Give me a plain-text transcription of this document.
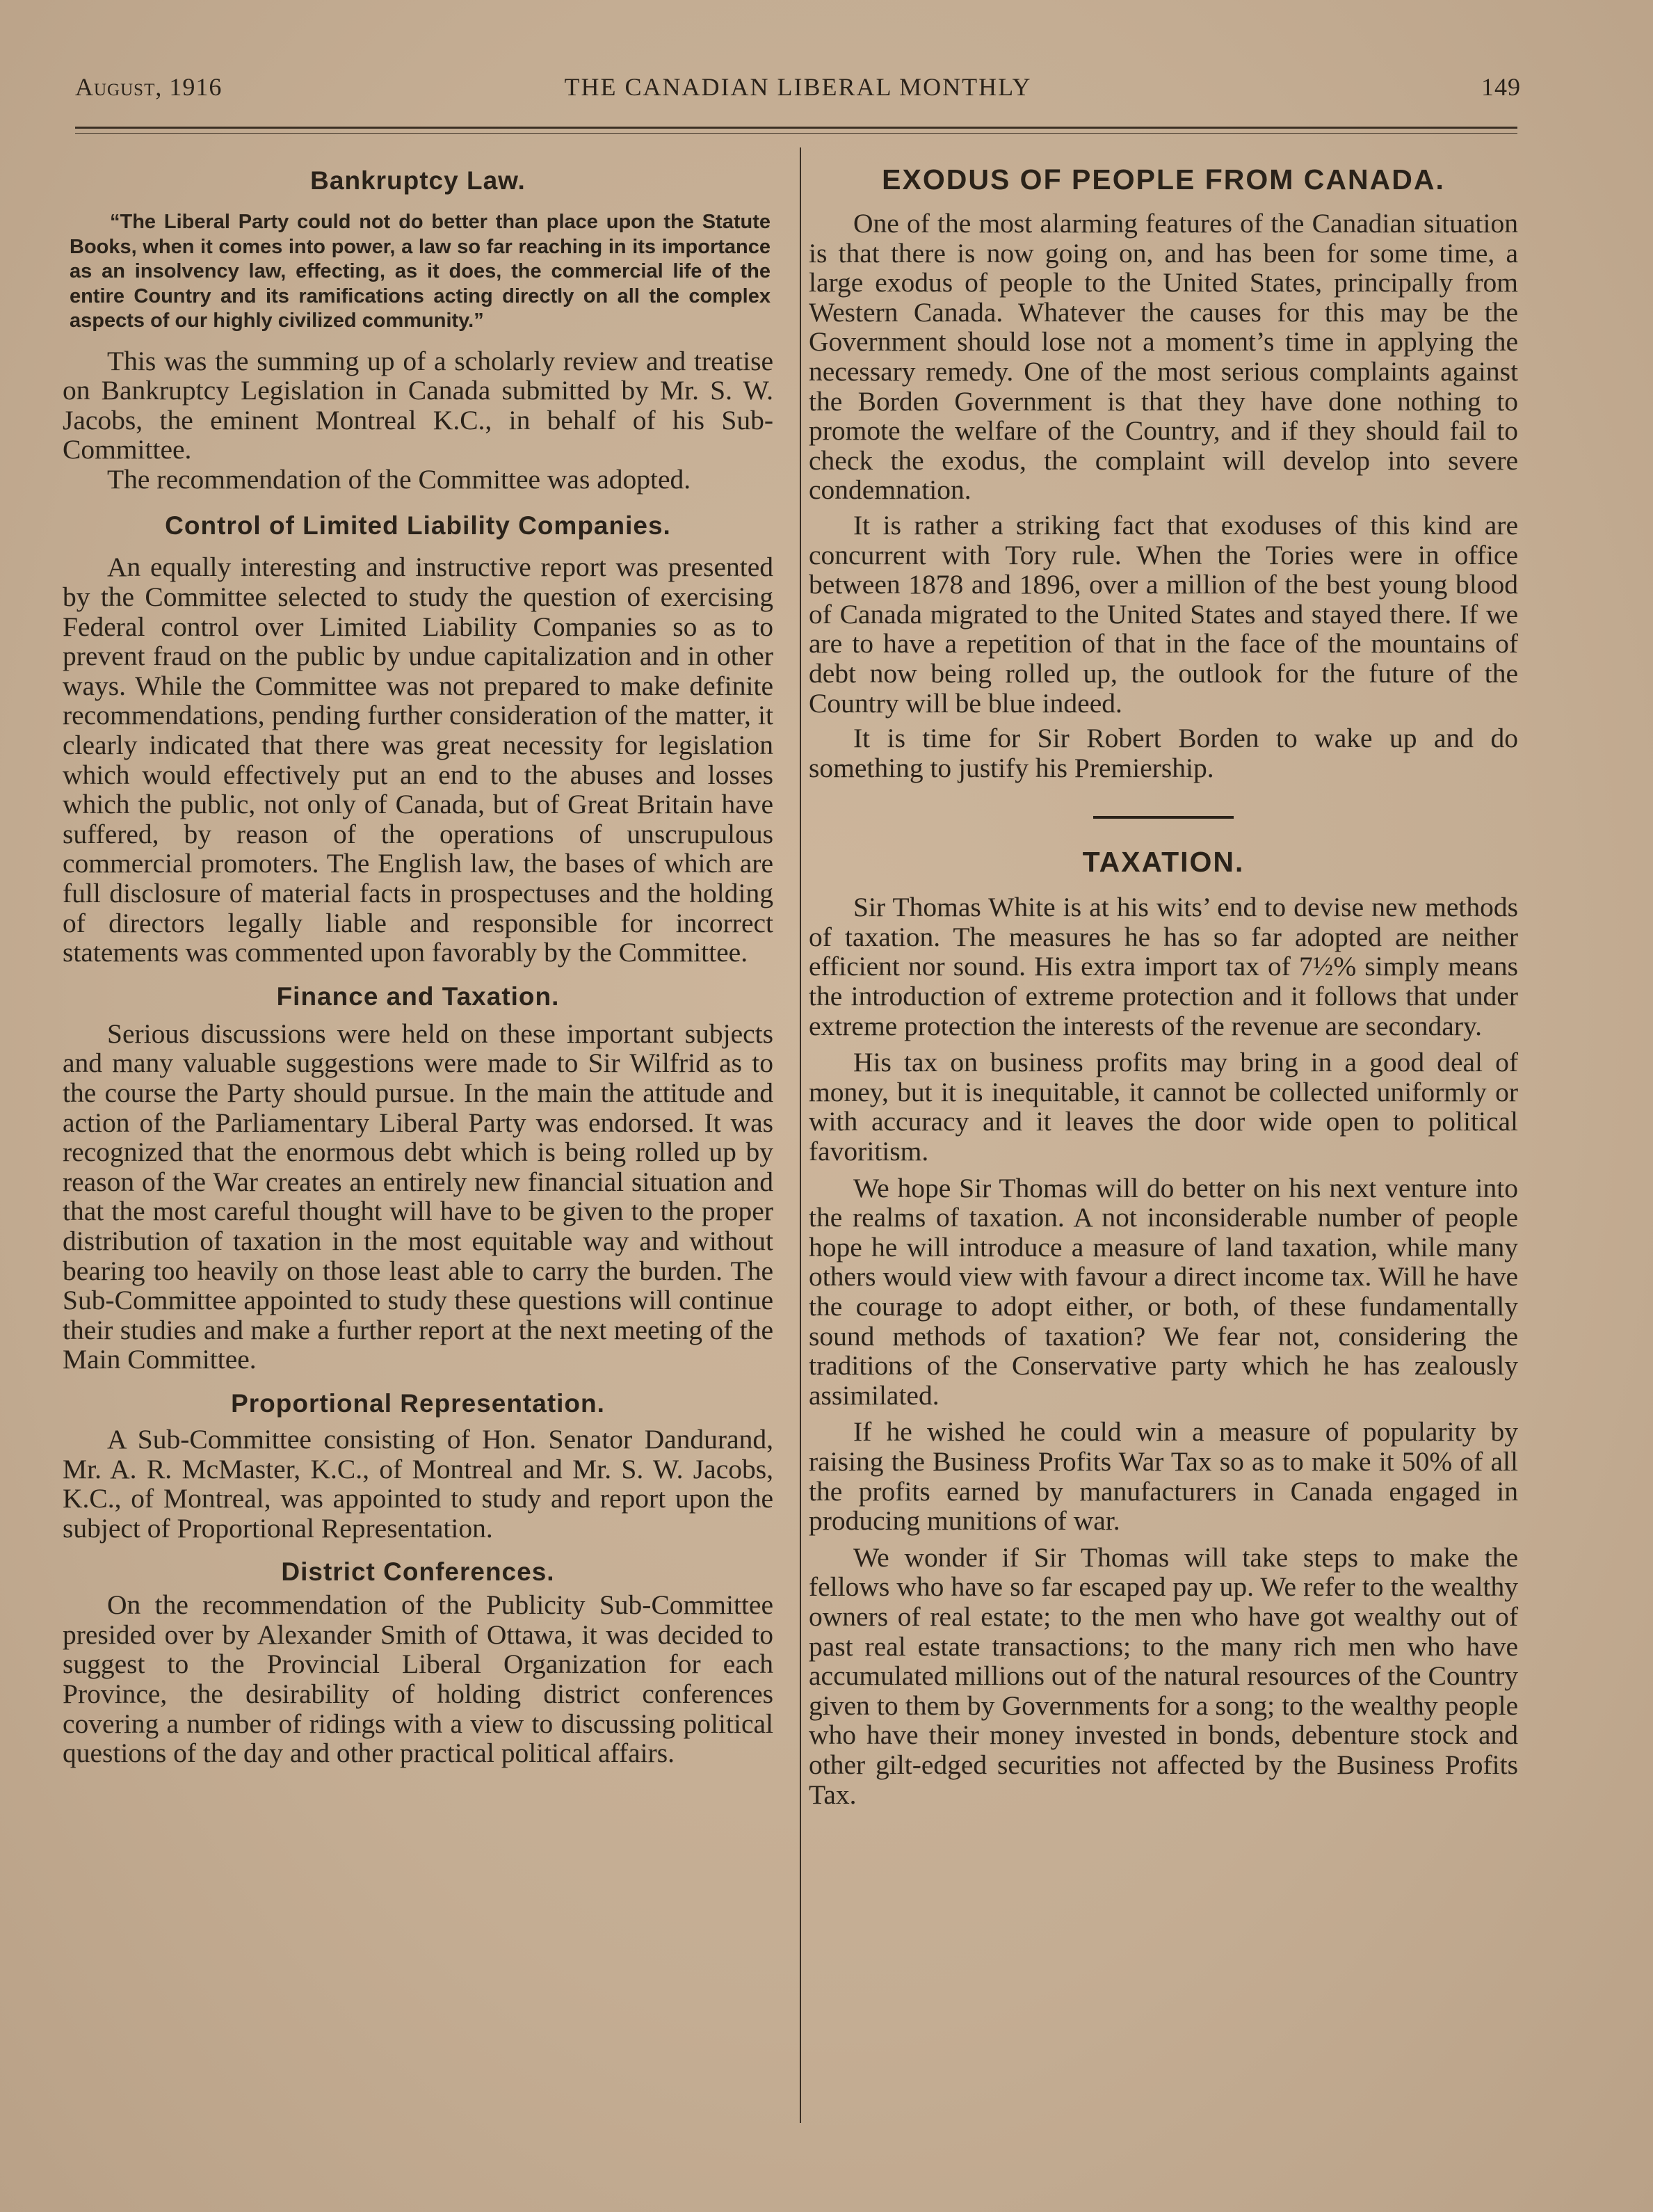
August, 1916	THE CANADIAN LIBERAL MONTHLY	149
Bankruptcy Law.

“The Liberal Party could not do better than place upon the Statute Books, when it comes into power, a law so far reaching in its importance as an insolvency law, effecting, as it does, the commercial life of the entire Country and its ramifications acting directly on all the complex aspects of our highly civilized community.”

This was the summing up of a scholarly review and treatise on Bankruptcy Legislation in Canada submitted by Mr. S. W. Jacobs, the eminent Montreal K.C., in behalf of his Sub-Committee.

The recommendation of the Committee was adopted.

Control of Limited Liability Companies.

An equally interesting and instructive report was presented by the Committee selected to study the question of exercising Federal control over Limited Liability Companies so as to prevent fraud on the public by undue capitalization and in other ways. While the Committee was not prepared to make definite recommendations, pending further consideration of the matter, it clearly indicated that there was great necessity for legislation which would effectively put an end to the abuses and losses which the public, not only of Canada, but of Great Britain have suffered, by reason of the operations of unscrupulous commercial promoters. The English law, the bases of which are full disclosure of material facts in prospectuses and the holding of directors legally liable and responsible for incorrect statements was commented upon favorably by the Committee.

Finance and Taxation.

Serious discussions were held on these important subjects and many valuable suggestions were made to Sir Wilfrid as to the course the Party should pursue. In the main the attitude and action of the Parliamentary Liberal Party was endorsed. It was recognized that the enormous debt which is being rolled up by reason of the War creates an entirely new financial situation and that the most careful thought will have to be given to the proper distribution of taxation in the most equitable way and without bearing too heavily on those least able to carry the burden. The Sub-Committee appointed to study these questions will continue their studies and make a further report at the next meeting of the Main Committee.

Proportional Representation.

A Sub-Committee consisting of Hon. Senator Dandurand, Mr. A. R. McMaster, K.C., of Montreal and Mr. S. W. Jacobs, K.C., of Montreal, was appointed to study and report upon the subject of Proportional Representation.

District Conferences.

On the recommendation of the Publicity Sub-Committee presided over by Alexander Smith of Ottawa, it was decided to suggest to the Provincial Liberal Organization for each Province, the desirability of holding district conferences covering a number of ridings with a view to discussing political questions of the day and other practical political affairs.

EXODUS OF PEOPLE FROM CANADA.

One of the most alarming features of the Canadian situation is that there is now going on, and has been for some time, a large exodus of people to the United States, principally from Western Canada. Whatever the causes for this may be the Government should lose not a moment’s time in applying the necessary remedy. One of the most serious complaints against the Borden Government is that they have done nothing to promote the welfare of the Country, and if they should fail to check the exodus, the complaint will develop into severe condemnation.

It is rather a striking fact that exoduses of this kind are concurrent with Tory rule. When the Tories were in office between 1878 and 1896, over a million of the best young blood of Canada migrated to the United States and stayed there. If we are to have a repetition of that in the face of the mountains of debt now being rolled up, the outlook for the future of the Country will be blue indeed.

It is time for Sir Robert Borden to wake up and do something to justify his Premiership.

TAXATION.

Sir Thomas White is at his wits’ end to devise new methods of taxation. The measures he has so far adopted are neither efficient nor sound. His extra import tax of 7½% simply means the introduction of extreme protection and it follows that under extreme protection the interests of the revenue are secondary.

His tax on business profits may bring in a good deal of money, but it is inequitable, it cannot be collected uniformly or with accuracy and it leaves the door wide open to political favoritism.

We hope Sir Thomas will do better on his next venture into the realms of taxation. A not inconsiderable number of people hope he will introduce a measure of land taxation, while many others would view with favour a direct income tax. Will he have the courage to adopt either, or both, of these fundamentally sound methods of taxation? We fear not, considering the traditions of the Conservative party which he has zealously assimilated.

If he wished he could win a measure of popularity by raising the Business Profits War Tax so as to make it 50% of all the profits earned by manufacturers in Canada engaged in producing munitions of war.

We wonder if Sir Thomas will take steps to make the fellows who have so far escaped pay up. We refer to the wealthy owners of real estate; to the men who have got wealthy out of past real estate transactions; to the many rich men who have accumulated millions out of the natural resources of the Country given to them by Governments for a song; to the wealthy people who have their money invested in bonds, debenture stock and other gilt-edged securities not affected by the Business Profits Tax.
